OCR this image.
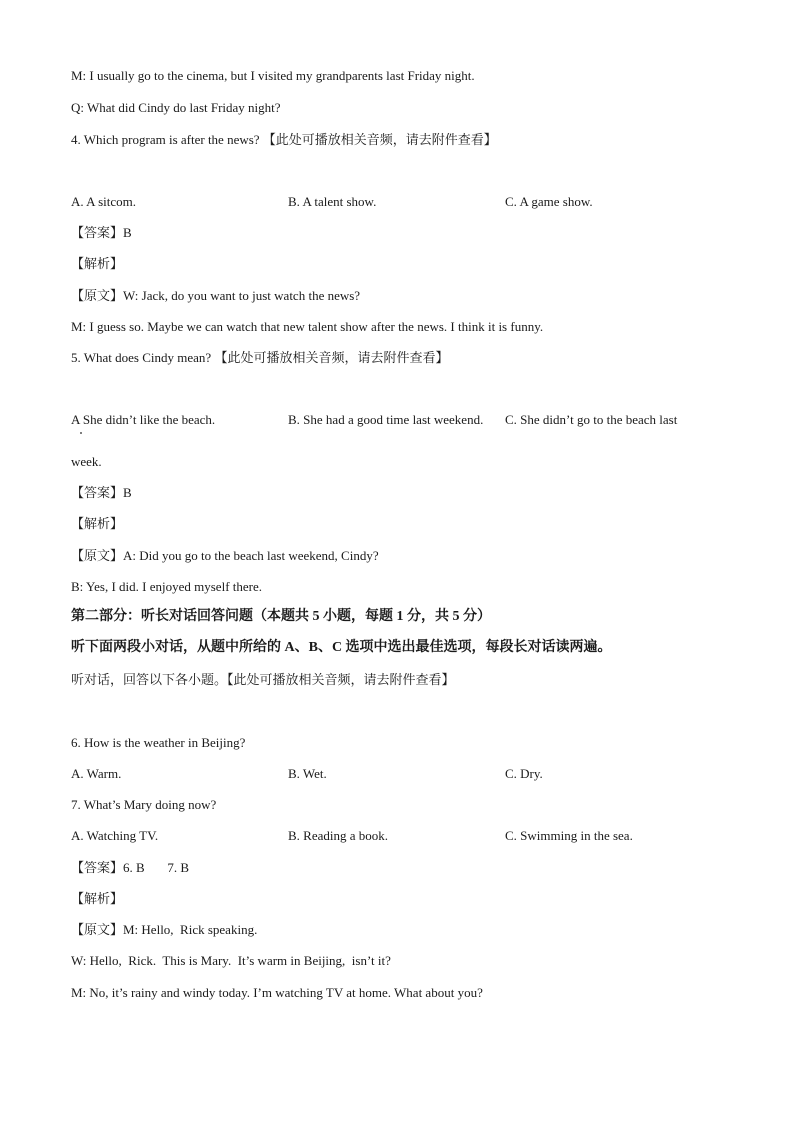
M: I usually go to the cinema, but I visited my grandparents last Friday night.
Q: What did Cindy do last Friday night?
4. Which program is after the news? 【此处可播放相关音频，请去附件查看】
A. A sitcom.	B. A talent show.	C. A game show.
【答案】B
【解析】
【原文】W: Jack, do you want to just watch the news?
M: I guess so. Maybe we can watch that new talent show after the news. I think it is funny.
5. What does Cindy mean? 【此处可播放相关音频，请去附件查看】
A She didn’t like the beach.	B. She had a good time last weekend. C. She didn’t go to the beach last
week.
【答案】B
【解析】
【原文】A: Did you go to the beach last weekend, Cindy?
B: Yes, I did. I enjoyed myself there.
第二部分：听长对话回答问题（本题共 5 小题，每题 1 分，共 5 分）
听下面两段小对话，从题中所给的 A、B、C 选项中选出最佳选项，每段长对话读两遍。
听对话，回答以下各小题。【此处可播放相关音频，请去附件查看】
6. How is the weather in Beijing?
A. Warm.	B. Wet.	C. Dry.
7. What’s Mary doing now?
A. Watching TV.	B. Reading a book.	C. Swimming in the sea.
【答案】6. B       7. B
【解析】
【原文】M: Hello,  Rick speaking.
W: Hello,  Rick.  This is Mary.  It’s warm in Beijing,  isn’t it?
M: No, it’s rainy and windy today. I’m watching TV at home. What about you?
